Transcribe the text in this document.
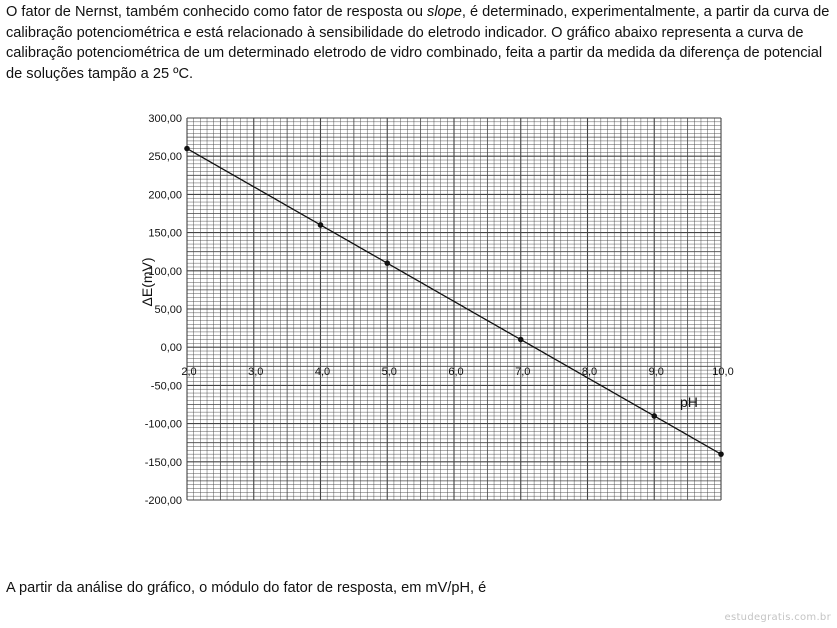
O fator de Nernst, também conhecido como fator de resposta ou slope, é determinado, experimentalmente, a partir da curva de calibração potenciométrica e está relacionado à sensibilidade do eletrodo indicador. O gráfico abaixo representa a curva de calibração potenciométrica de um determinado eletrodo de vidro combinado, feita a partir da medida da diferença de potencial de soluções tampão a 25 ºC.

300,00
250,00
200,00
150,00
100,00
50,00
0,00
-50,00
-100,00
-150,00
-200,00
2,0	3,0	4,0	5,0	6,0	7,0	8,0	9,0	10,0
ΔE(mV)
pH

A partir da análise do gráfico, o módulo do fator de resposta, em mV/pH, é

estudegratis.com.br
